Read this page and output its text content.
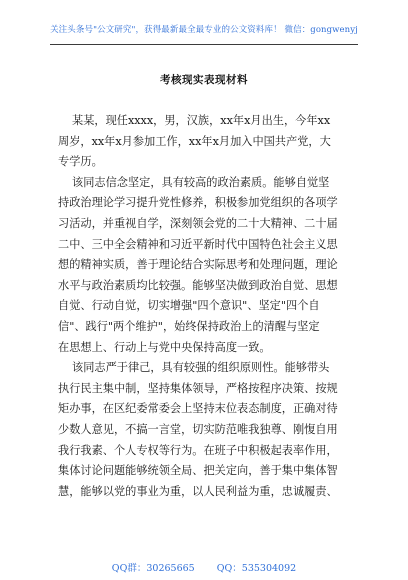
关注头条号"公文研究"，获得最新最全最专业的公文资料库！ 微信：gongwenyj
考核现实表现材料
某某，现任xxxx，男，汉族，xx年x月出生，今年xx
周岁，xx年x月参加工作，xx年x月加入中国共产党，大
专学历。
该同志信念坚定，具有较高的政治素质。能够自觉坚
持政治理论学习提升党性修养，积极参加党组织的各项学
习活动，并重视自学，深刻领会党的二十大精神、二十届
二中、三中全会精神和习近平新时代中国特色社会主义思
想的精神实质，善于理论结合实际思考和处理问题，理论
水平与政治素质均比较强。能够坚决做到政治自觉、思想
自觉、行动自觉，切实增强"四个意识"、坚定"四个自
信"、践行"两个维护"，始终保持政治上的清醒与坚定
在思想上、行动上与党中央保持高度一致。
该同志严于律己，具有较强的组织原则性。能够带头
执行民主集中制，坚持集体领导，严格按程序决策、按规
矩办事，在区纪委常委会上坚持末位表态制度，正确对待
少数人意见，不搞一言堂，切实防范唯我独尊、刚愎自用
我行我素、个人专权等行为。在班子中积极起表率作用，
集体讨论问题能够统领全局、把关定向，善于集中集体智
慧，能够以党的事业为重，以人民利益为重，忠诚履责、
QQ群：30265665 QQ：535304092
